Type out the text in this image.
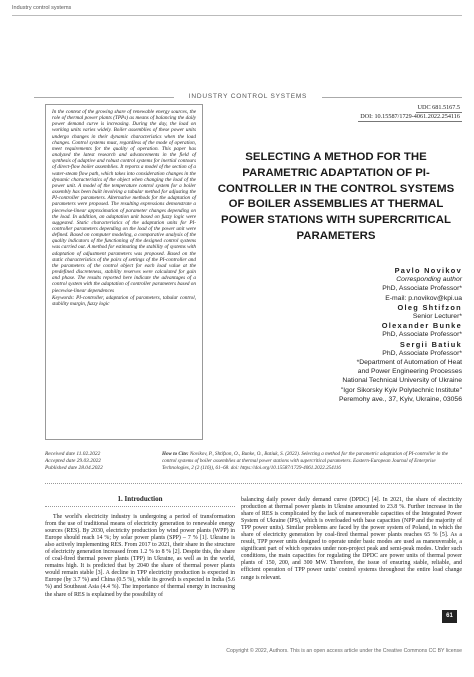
Industry control systems
INDUSTRY CONTROL SYSTEMS
In the context of the growing share of renewable energy sources, the role of thermal power plants (TPPs) as means of balancing the daily power demand curve is increasing. During the day, the load on working units varies widely. Boiler assemblies of these power units undergo changes in their dynamic characteristics when the load changes. Control systems must, regardless of the mode of operation, meet requirements for the quality of operation. This paper has analyzed the latest research and advancements in the field of synthesis of adaptive and robust control systems for inertial contours of direct-flow boiler assemblies. It reports a model of the section of a water-steam flow path, which takes into consideration changes in the dynamic characteristics of the object when changing the load of the power unit. A model of the temperature control system for a boiler assembly has been built involving a tabular method for adjusting the PI-controller parameters. Alternative methods for the adaptation of parameters were proposed. The resulting expressions demonstrate a piecewise-linear approximation of parameter changes depending on the load. In addition, an adaptation unit based on fuzzy logic were suggested. Static characteristics of the adaptation units for PI-controller parameters depending on the load of the power unit were defined. Based on computer modeling, a comparative analysis of the quality indicators of the functioning of the designed control systems was carried out. A method for estimating the stability of systems with adaptation of adjustment parameters was proposed. Based on the static characteristics of the pairs of settings of the PI-controller and the parameters of the control object for each load value at the predefined discreteness, stability reserves were calculated for gain and phase. The results reported here indicate the advantages of a control system with the adaptation of controller parameters based on piecewise-linear dependences
Keywords: PI-controller, adaptation of parameters, tabular control, stability margin, fuzzy logic
UDC 681.5167.5
DOI: 10.15587/1729-4061.2022.254116
SELECTING A METHOD FOR THE PARAMETRIC ADAPTATION OF PI-CONTROLLER IN THE CONTROL SYSTEMS OF BOILER ASSEMBLIES AT THERMAL POWER STATIONS WITH SUPERCRITICAL PARAMETERS
Pavlo Novikov
Corresponding author
PhD, Associate Professor*
E-mail: p.novikov@kpi.ua
Oleg Shtifzon
Senior Lecturer*
Olexander Bunke
PhD, Associate Professor*
Sergii Batiuk
PhD, Associate Professor*
*Department of Automation of Heat
and Power Engineering Processes
National Technical University of Ukraine
"Igor Sikorsky Kyiv Polytechnic Institute"
Peremohy ave., 37, Kyiv, Ukraine, 03056
Received date 11.02.2022
Accepted date 29.03.2022
Published date 28.04.2022
How to Cite: Novikov, P., Shtifzon, O., Bunke, O., Batiuk, S. (2022). Selecting a method for the parametric adaptation of PI-controller in the control systems of boiler assemblies at thermal power stations with supercritical parameters. Eastern-European Journal of Enterprise Technologies, 2 (2 (116)), 61–68. doi: https://doi.org/10.15587/1729-4061.2022.254116
1. Introduction
The world's electricity industry is undergoing a period of transformation from the use of traditional means of electricity generation to renewable energy sources (RES). By 2030, electricity production by wind power plants (WPP) in Europe should reach 14 %; by solar power plants (SPP) – 7 % [1]. Ukraine is also actively implementing RES. From 2017 to 2021, their share in the structure of electricity generation increased from 1.2 % to 8 % [2]. Despite this, the share of coal-fired thermal power plants (TPP) in Ukraine, as well as in the world, remains high. It is predicted that by 2040 the share of thermal power plants would remain stable [3]. A decline in TPP electricity production is expected in Europe (by 3.7 %) and China (0.5 %), while its growth is expected in India (5.6 %) and Southeast Asia (4.4 %). The importance of thermal energy in increasing the share of RES is explained by the possibility of
balancing daily power daily demand curve (DPDC) [4]. In 2021, the share of electricity production at thermal power plants in Ukraine amounted to 23.8 %. Further increase in the share of RES is complicated by the lack of maneuverable capacities of the Integrated Power System of Ukraine (IPS), which is overloaded with base capacities (NPP and the majority of TPP power units). Similar problems are faced by the power system of Poland, in which the share of electricity generation by coal-fired thermal power plants reaches 65 % [5]. As a result, TPP power units designed to operate under basic modes are used as maneuverable, a significant part of which operates under non-project peak and semi-peak modes. Under such conditions, the main capacities for regulating the DPDC are power units of thermal power plants of 150, 200, and 300 MW. Therefore, the issue of ensuring stable, reliable, and efficient operation of TPP power units' control systems throughout the entire load change range is relevant.
61
Copyright © 2022, Authors. This is an open access article under the Creative Commons CC BY license
